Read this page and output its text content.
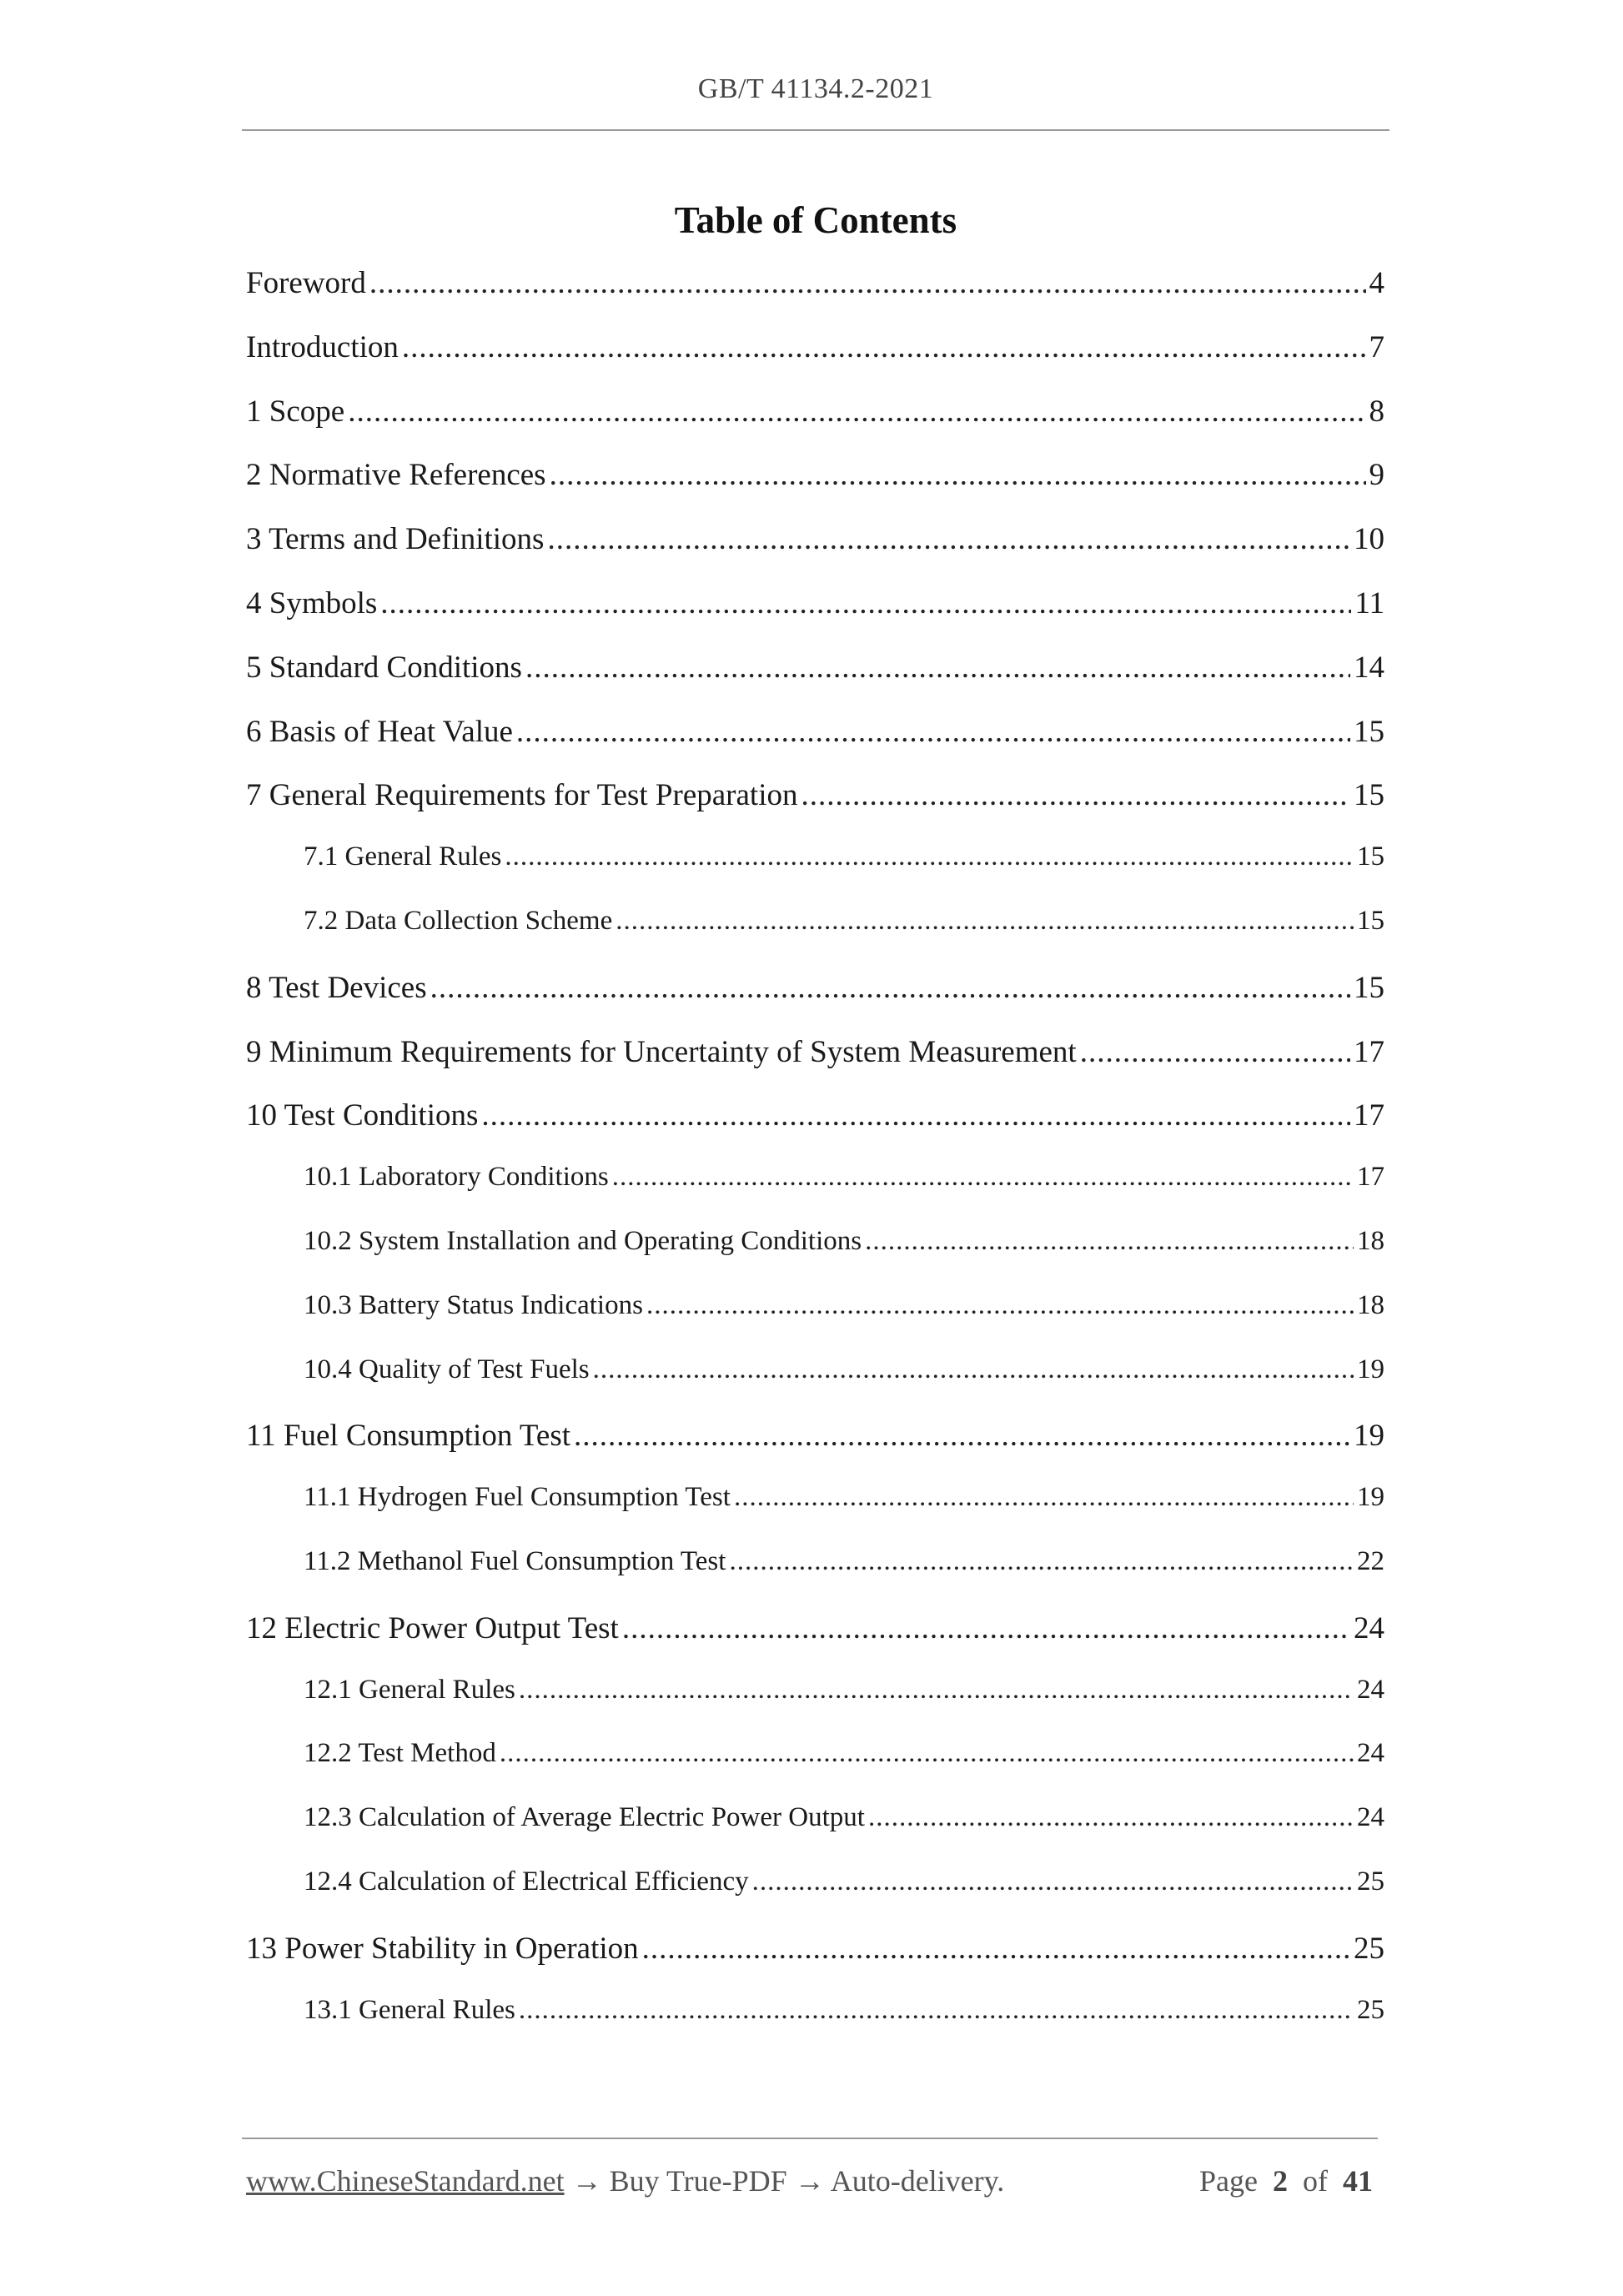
GB/T 41134.2-2021
Table of Contents
Foreword .....	4
Introduction .....	7
1 Scope .....	8
2 Normative References .....	9
3 Terms and Definitions .....	10
4 Symbols .....	11
5 Standard Conditions .....	14
6 Basis of Heat Value .....	15
7 General Requirements for Test Preparation .....	15
7.1 General Rules .....	15
7.2 Data Collection Scheme .....	15
8 Test Devices .....	15
9 Minimum Requirements for Uncertainty of System Measurement .....	17
10 Test Conditions .....	17
10.1 Laboratory Conditions .....	17
10.2 System Installation and Operating Conditions .....	18
10.3 Battery Status Indications .....	18
10.4 Quality of Test Fuels .....	19
11 Fuel Consumption Test .....	19
11.1 Hydrogen Fuel Consumption Test .....	19
11.2 Methanol Fuel Consumption Test .....	22
12 Electric Power Output Test .....	24
12.1 General Rules .....	24
12.2 Test Method .....	24
12.3 Calculation of Average Electric Power Output .....	24
12.4 Calculation of Electrical Efficiency .....	25
13 Power Stability in Operation .....	25
13.1 General Rules .....	25
www.ChineseStandard.net → Buy True-PDF → Auto-delivery.	Page 2 of 41
